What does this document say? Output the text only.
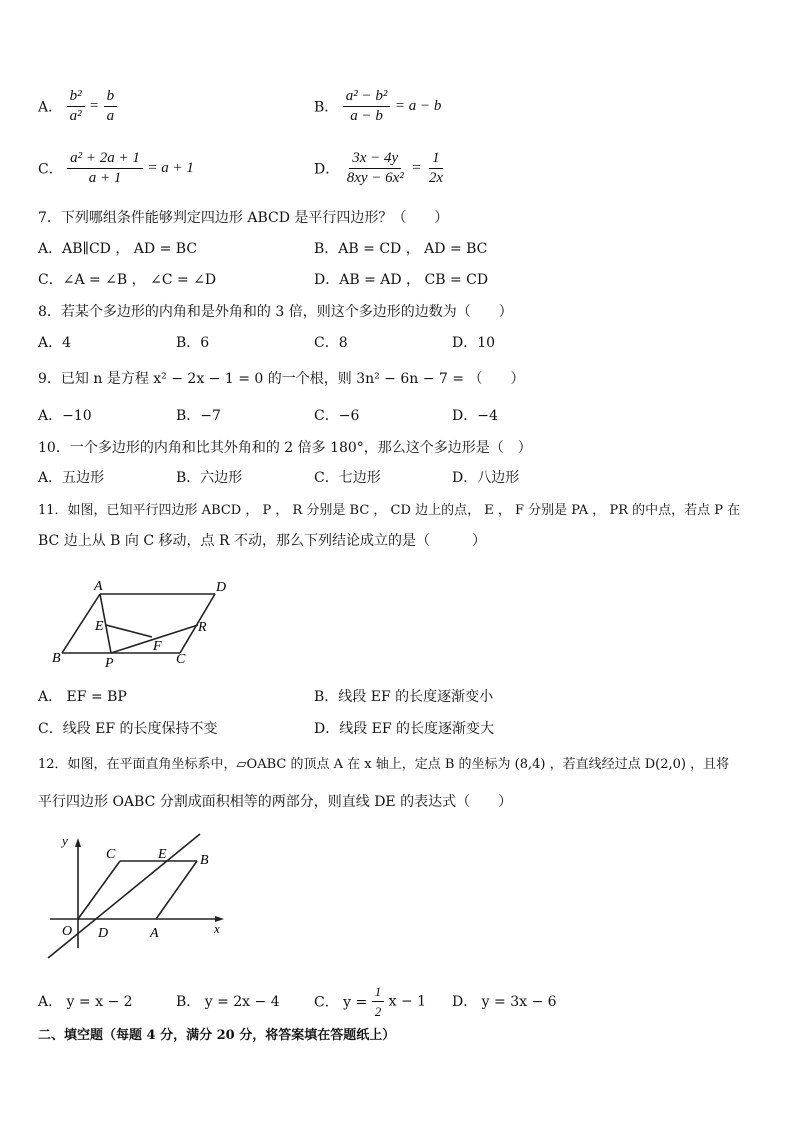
A． $\frac{\text{b²}}{\text{a²}} = \frac{b}{a}$	B． $\frac{\text{a² − b²}}{a - b} = a - b$
C． $\frac{\text{a² + 2a + 1}}{a + 1} = a + 1$	D． $\frac{3x - 4y}{\text{8xy − 6x²}} = \frac{1}{2x}$
7．下列哪组条件能够判定四边形 ABCD 是平行四边形？（　　）
A．AB∥CD ， AD = BC	B．AB = CD ， AD = BC
C．∠A = ∠B ， ∠C = ∠D	D．AB = AD ， CB = CD
8．若某个多边形的内角和是外角和的 3 倍，则这个多边形的边数为（　　）
A．4	B．6	C．8	D．10
9．已知 n 是方程 x² − 2x − 1 = 0 的一个根，则 3n² − 6n − 7 = （　　）
A．−10	B．−7	C．−6	D．−4
10．一个多边形的内角和比其外角和的 2 倍多 180°，那么这个多边形是（　）
A．五边形	B．六边形	C．七边形	D．八边形
11．如图，已知平行四边形 ABCD ， P ， R 分别是 BC ， CD 边上的点， E ， F 分别是 PA ， PR 的中点，若点 P 在
BC 边上从 B 向 C 移动，点 R 不动，那么下列结论成立的是（　　　）
A	D
E	R
F
B	P	C
A． EF = BP	B．线段 EF 的长度逐渐变小
C．线段 EF 的长度保持不变	D．线段 EF 的长度逐渐变大
12．如图，在平面直角坐标系中，▱OABC 的顶点 A 在 x 轴上，定点 B 的坐标为 (8,4) ，若直线经过点 D(2,0) ，且将
平行四边形 OABC 分割成面积相等的两部分，则直线 DE 的表达式（　　）
y
C	E B
O D	A	x
A． y = x − 2	B． y = 2x − 4 C． $y = \frac{1}{2}$ x − 1 D． y = 3x − 6
二、填空题（每题 4 分，满分 20 分，将答案填在答题纸上）
